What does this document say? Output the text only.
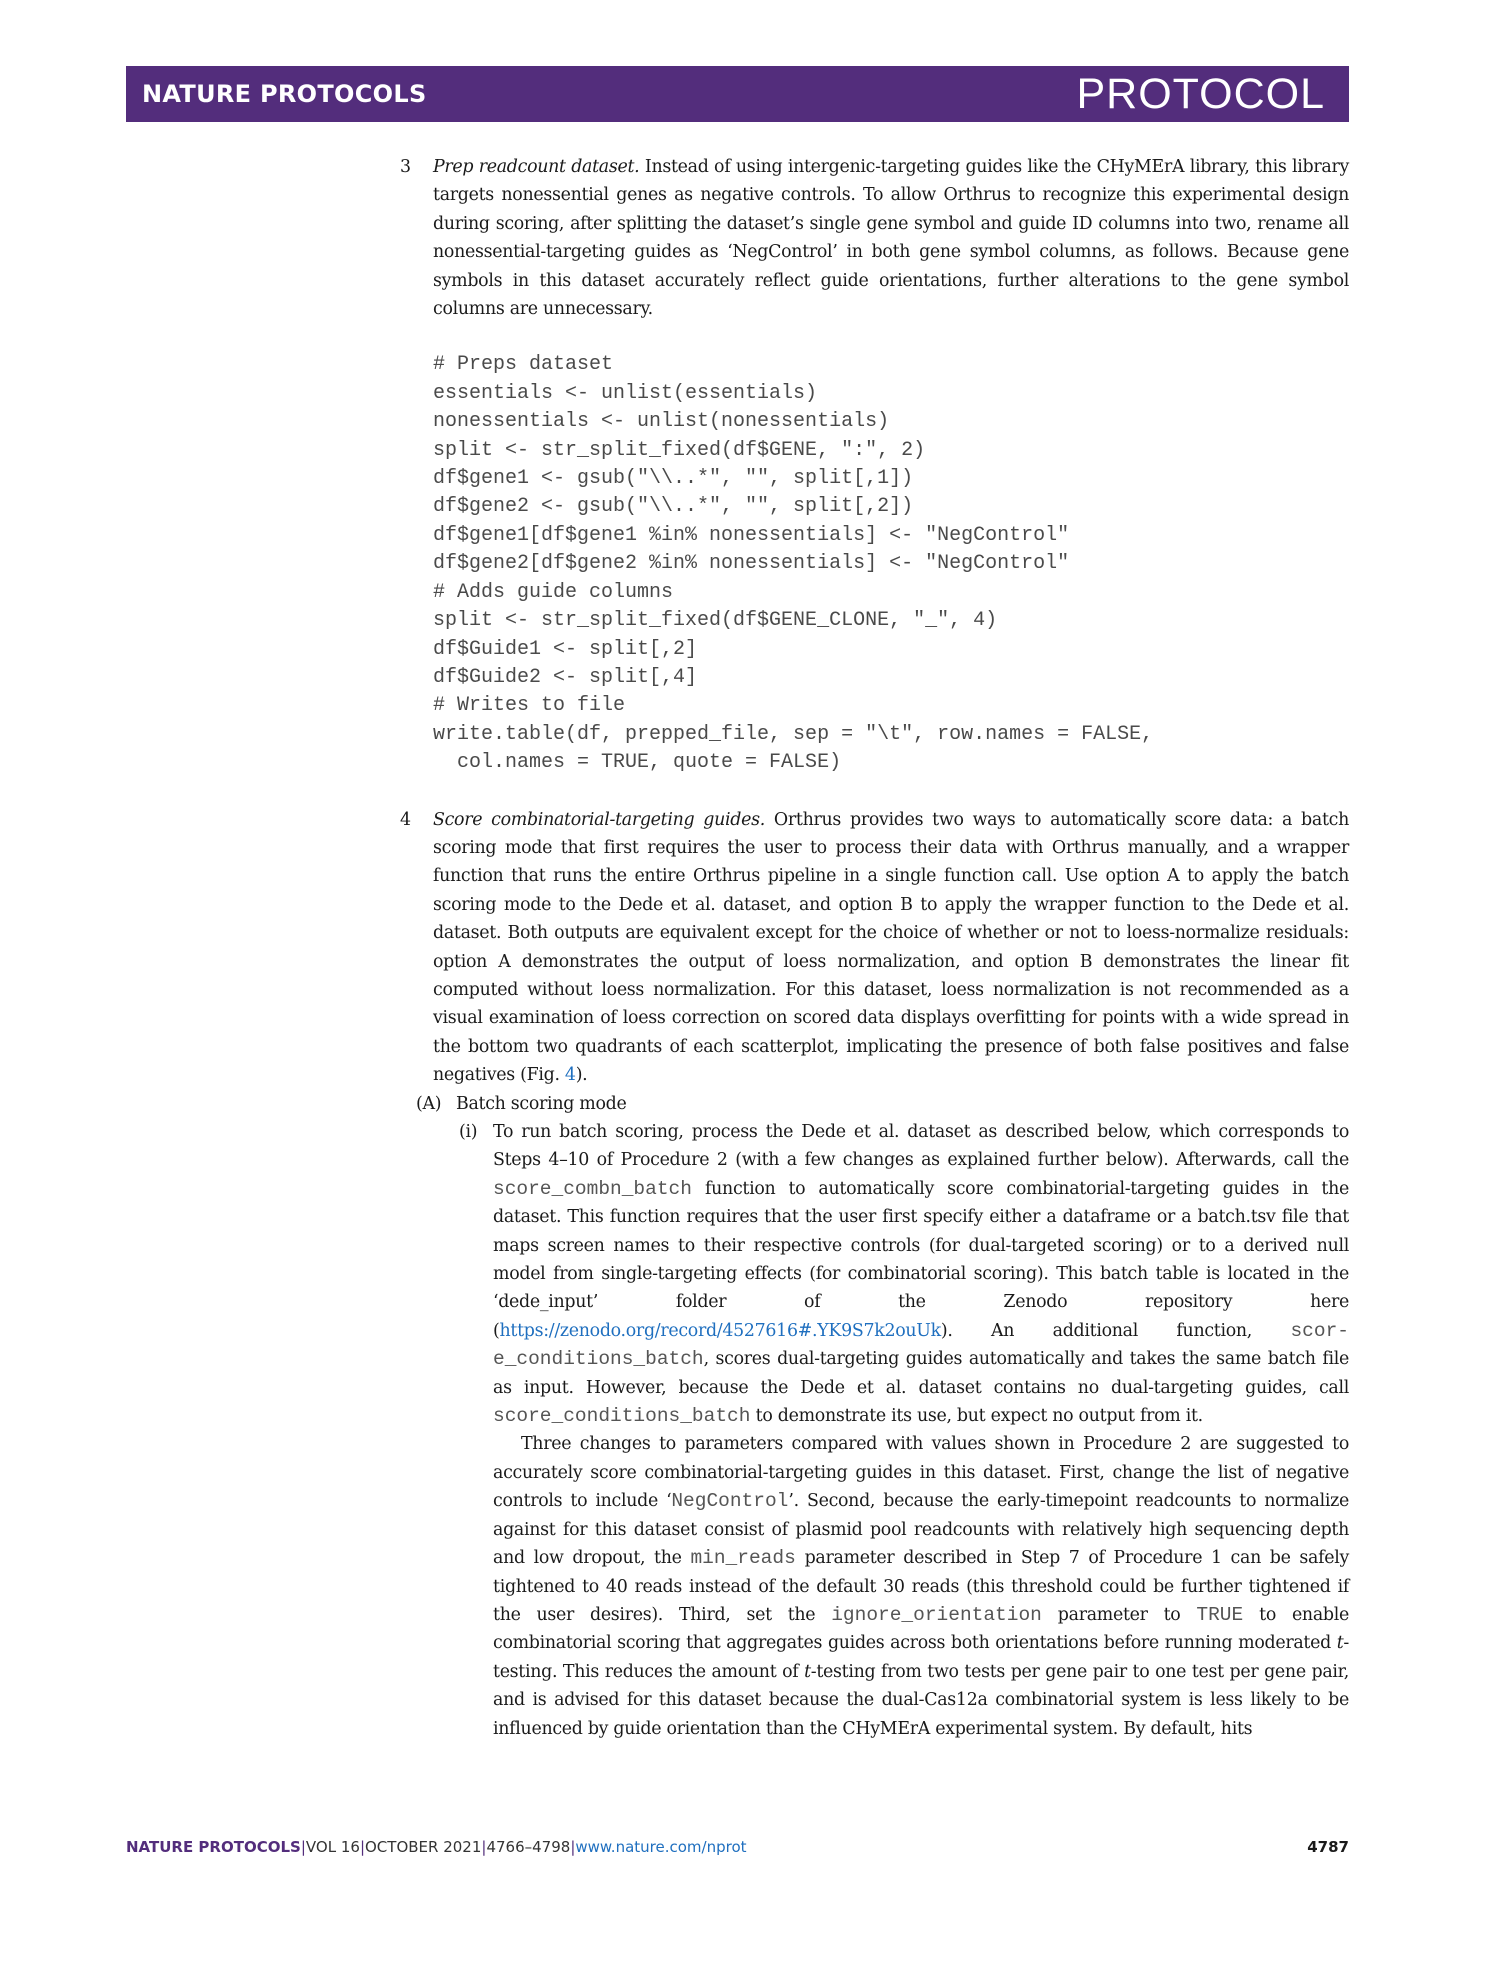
NATURE PROTOCOLS	PROTOCOL
3 Prep readcount dataset. Instead of using intergenic-targeting guides like the CHyMErA library, this library targets nonessential genes as negative controls. To allow Orthrus to recognize this experimental design during scoring, after splitting the dataset’s single gene symbol and guide ID columns into two, rename all nonessential-targeting guides as ‘NegControl’ in both gene symbol columns, as follows. Because gene symbols in this dataset accurately reflect guide orientations, further alterations to the gene symbol columns are unnecessary.
# Preps dataset
essentials <- unlist(essentials)
nonessentials <- unlist(nonessentials)
split <- str_split_fixed(df$GENE, ":", 2)
df$gene1 <- gsub("\\..*", "", split[,1])
df$gene2 <- gsub("\\..*", "", split[,2])
df$gene1[df$gene1 %in% nonessentials] <- "NegControl"
df$gene2[df$gene2 %in% nonessentials] <- "NegControl"
# Adds guide columns
split <- str_split_fixed(df$GENE_CLONE, "_", 4)
df$Guide1 <- split[,2]
df$Guide2 <- split[,4]
# Writes to file
write.table(df, prepped_file, sep = "\t", row.names = FALSE,
col.names = TRUE, quote = FALSE)
4 Score combinatorial-targeting guides. Orthrus provides two ways to automatically score data: a batch scoring mode that first requires the user to process their data with Orthrus manually, and a wrapper function that runs the entire Orthrus pipeline in a single function call. Use option A to apply the batch scoring mode to the Dede et al. dataset, and option B to apply the wrapper function to the Dede et al. dataset. Both outputs are equivalent except for the choice of whether or not to loess-normalize residuals: option A demonstrates the output of loess normalization, and option B demonstrates the linear fit computed without loess normalization. For this dataset, loess normalization is not recommended as a visual examination of loess correction on scored data displays overfitting for points with a wide spread in the bottom two quadrants of each scatterplot, implicating the presence of both false positives and false negatives (Fig. 4).
(A) Batch scoring mode
(i) To run batch scoring, process the Dede et al. dataset as described below, which corresponds to Steps 4–10 of Procedure 2 (with a few changes as explained further below). Afterwards, call the score_combn_batch function to automatically score combinatorial-targeting guides in the dataset. This function requires that the user first specify either a dataframe or a batch.tsv file that maps screen names to their respective controls (for dual-targeted scoring) or to a derived null model from single-targeting effects (for combinatorial scoring). This batch table is located in the ‘dede_input’ folder of the Zenodo repository here (https://zenodo.org/record/4527616#.YK9S7k2ouUk). An additional function, scor-e_conditions_batch, scores dual-targeting guides automatically and takes the same batch file as input. However, because the Dede et al. dataset contains no dual-targeting guides, call score_conditions_batch to demonstrate its use, but expect no output from it.
Three changes to parameters compared with values shown in Procedure 2 are suggested to accurately score combinatorial-targeting guides in this dataset. First, change the list of negative controls to include ‘NegControl’. Second, because the early-timepoint readcounts to normalize against for this dataset consist of plasmid pool readcounts with relatively high sequencing depth and low dropout, the min_reads parameter described in Step 7 of Procedure 1 can be safely tightened to 40 reads instead of the default 30 reads (this threshold could be further tightened if the user desires). Third, set the ignore_orientation parameter to TRUE to enable combinatorial scoring that aggregates guides across both orientations before running moderated t-testing. This reduces the amount of t-testing from two tests per gene pair to one test per gene pair, and is advised for this dataset because the dual-Cas12a combinatorial system is less likely to be influenced by guide orientation than the CHyMErA experimental system. By default, hits
NATURE PROTOCOLS|VOL 16|OCTOBER 2021|4766–4798|www.nature.com/nprot	4787
